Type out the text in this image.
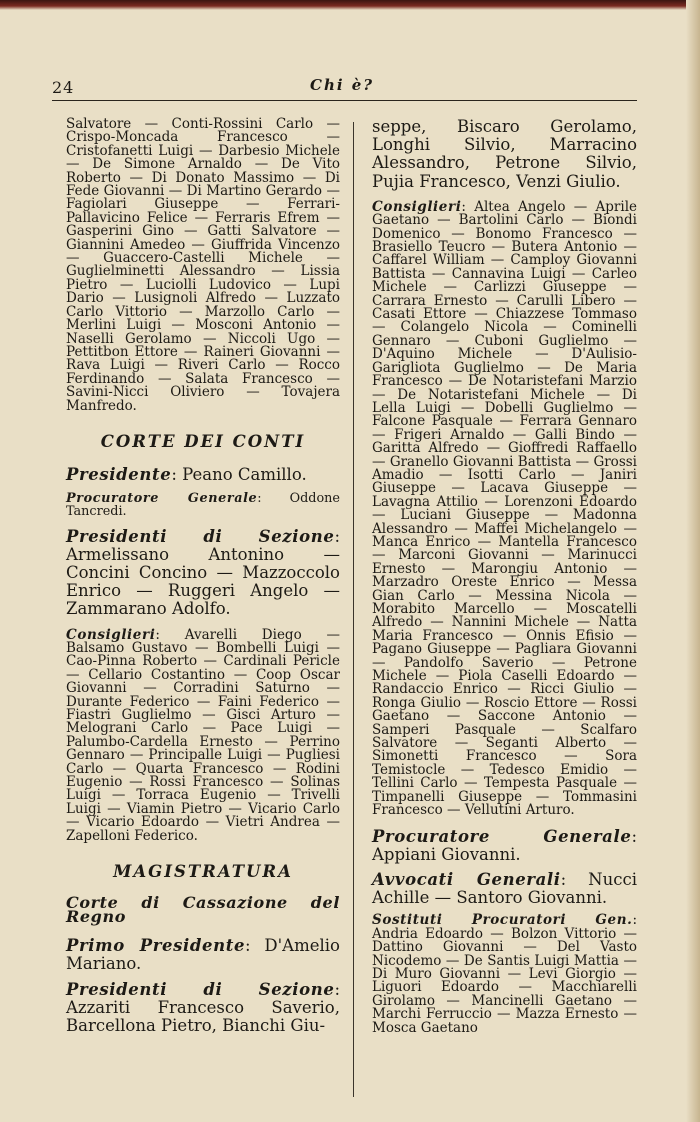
24	Chi è?

Salvatore — Conti-Rossini Carlo — Crispo-Moncada Francesco — Cristofanetti Luigi — Darbesio Michele — De Simone Arnaldo — De Vito Roberto — Di Donato Massimo — Di Fede Giovanni — Di Martino Gerardo — Fagiolari Giuseppe — Ferrari-Pallavicino Felice — Ferraris Efrem — Gasperini Gino — Gatti Salvatore — Giannini Amedeo — Giuffrida Vincenzo — Guaccero-Castelli Michele — Guglielminetti Alessandro — Lissia Pietro — Luciolli Ludovico — Lupi Dario — Lusignoli Alfredo — Luzzato Carlo Vittorio — Marzollo Carlo — Merlini Luigi — Mosconi Antonio — Naselli Gerolamo — Niccoli Ugo — Pettitbon Ettore — Raineri Giovanni — Rava Luigi — Riveri Carlo — Rocco Ferdinando — Salata Francesco — Savini-Nicci Oliviero — Tovajera Manfredo.

CORTE DEI CONTI

Presidente: Peano Camillo.

Procuratore Generale: Oddone Tancredi.

Presidenti di Sezione: Armelissano Antonino — Concini Concino — Mazzoccolo Enrico — Ruggeri Angelo — Zammarano Adolfo.

Consiglieri: Avarelli Diego — Balsamo Gustavo — Bombelli Luigi — Cao-Pinna Roberto — Cardinali Pericle — Cellario Costantino — Coop Oscar Giovanni — Corradini Saturno — Durante Federico — Faini Federico — Fiastri Guglielmo — Gisci Arturo — Melograni Carlo — Pace Luigi — Palumbo-Cardella Ernesto — Perrino Gennaro — Principalle Luigi — Pugliesi Carlo — Quarta Francesco — Rodini Eugenio — Rossi Francesco — Solinas Luigi — Torraca Eugenio — Trivelli Luigi — Viamin Pietro — Vicario Carlo — Vicario Edoardo — Vietri Andrea — Zapelloni Federico.

MAGISTRATURA
Corte di Cassazione del Regno

Primo Presidente: D'Amelio Mariano.

Presidenti di Sezione: Azzariti Francesco Saverio, Barcellona Pietro, Bianchi Giu-

seppe, Biscaro Gerolamo, Longhi Silvio, Marracino Alessandro, Petrone Silvio, Pujia Francesco, Venzi Giulio.

Consiglieri: Altea Angelo — Aprile Gaetano — Bartolini Carlo — Biondi Domenico — Bonomo Francesco — Brasiello Teucro — Butera Antonio — Caffarel William — Camploy Giovanni Battista — Cannavina Luigi — Carleo Michele — Carlizzi Giuseppe — Carrara Ernesto — Carulli Libero — Casati Ettore — Chiazzese Tommaso — Colangelo Nicola — Cominelli Gennaro — Cuboni Guglielmo — D'Aquino Michele — D'Aulisio-Garigliota Guglielmo — De Maria Francesco — De Notaristefani Marzio — De Notaristefani Michele — Di Lella Luigi — Dobelli Guglielmo — Falcone Pasquale — Ferrara Gennaro — Frigeri Arnaldo — Galli Bindo — Garitta Alfredo — Gioffredi Raffaello — Granello Giovanni Battista — Grossi Amadio — Isotti Carlo — Janiri Giuseppe — Lacava Giuseppe — Lavagna Attilio — Lorenzoni Edoardo — Luciani Giuseppe — Madonna Alessandro — Maffei Michelangelo — Manca Enrico — Mantella Francesco — Marconi Giovanni — Marinucci Ernesto — Marongiu Antonio — Marzadro Oreste Enrico — Messa Gian Carlo — Messina Nicola — Morabito Marcello — Moscatelli Alfredo — Nannini Michele — Natta Maria Francesco — Onnis Efisio — Pagano Giuseppe — Pagliara Giovanni — Pandolfo Saverio — Petrone Michele — Piola Caselli Edoardo — Randaccio Enrico — Ricci Giulio — Ronga Giulio — Roscio Ettore — Rossi Gaetano — Saccone Antonio — Samperi Pasquale — Scalfaro Salvatore — Seganti Alberto — Simonetti Francesco — Sora Temistocle — Tedesco Emidio — Tellini Carlo — Tempesta Pasquale — Timpanelli Giuseppe — Tommasini Francesco — Vellutini Arturo.

Procuratore Generale: Appiani Giovanni.

Avvocati Generali: Nucci Achille — Santoro Giovanni.

Sostituti Procuratori Gen.: Andria Edoardo — Bolzon Vittorio — Dattino Giovanni — Del Vasto Nicodemo — De Santis Luigi Mattia — Di Muro Giovanni — Levi Giorgio — Liguori Edoardo — Macchiarelli Girolamo — Mancinelli Gaetano — Marchi Ferruccio — Mazza Ernesto — Mosca Gaetano
